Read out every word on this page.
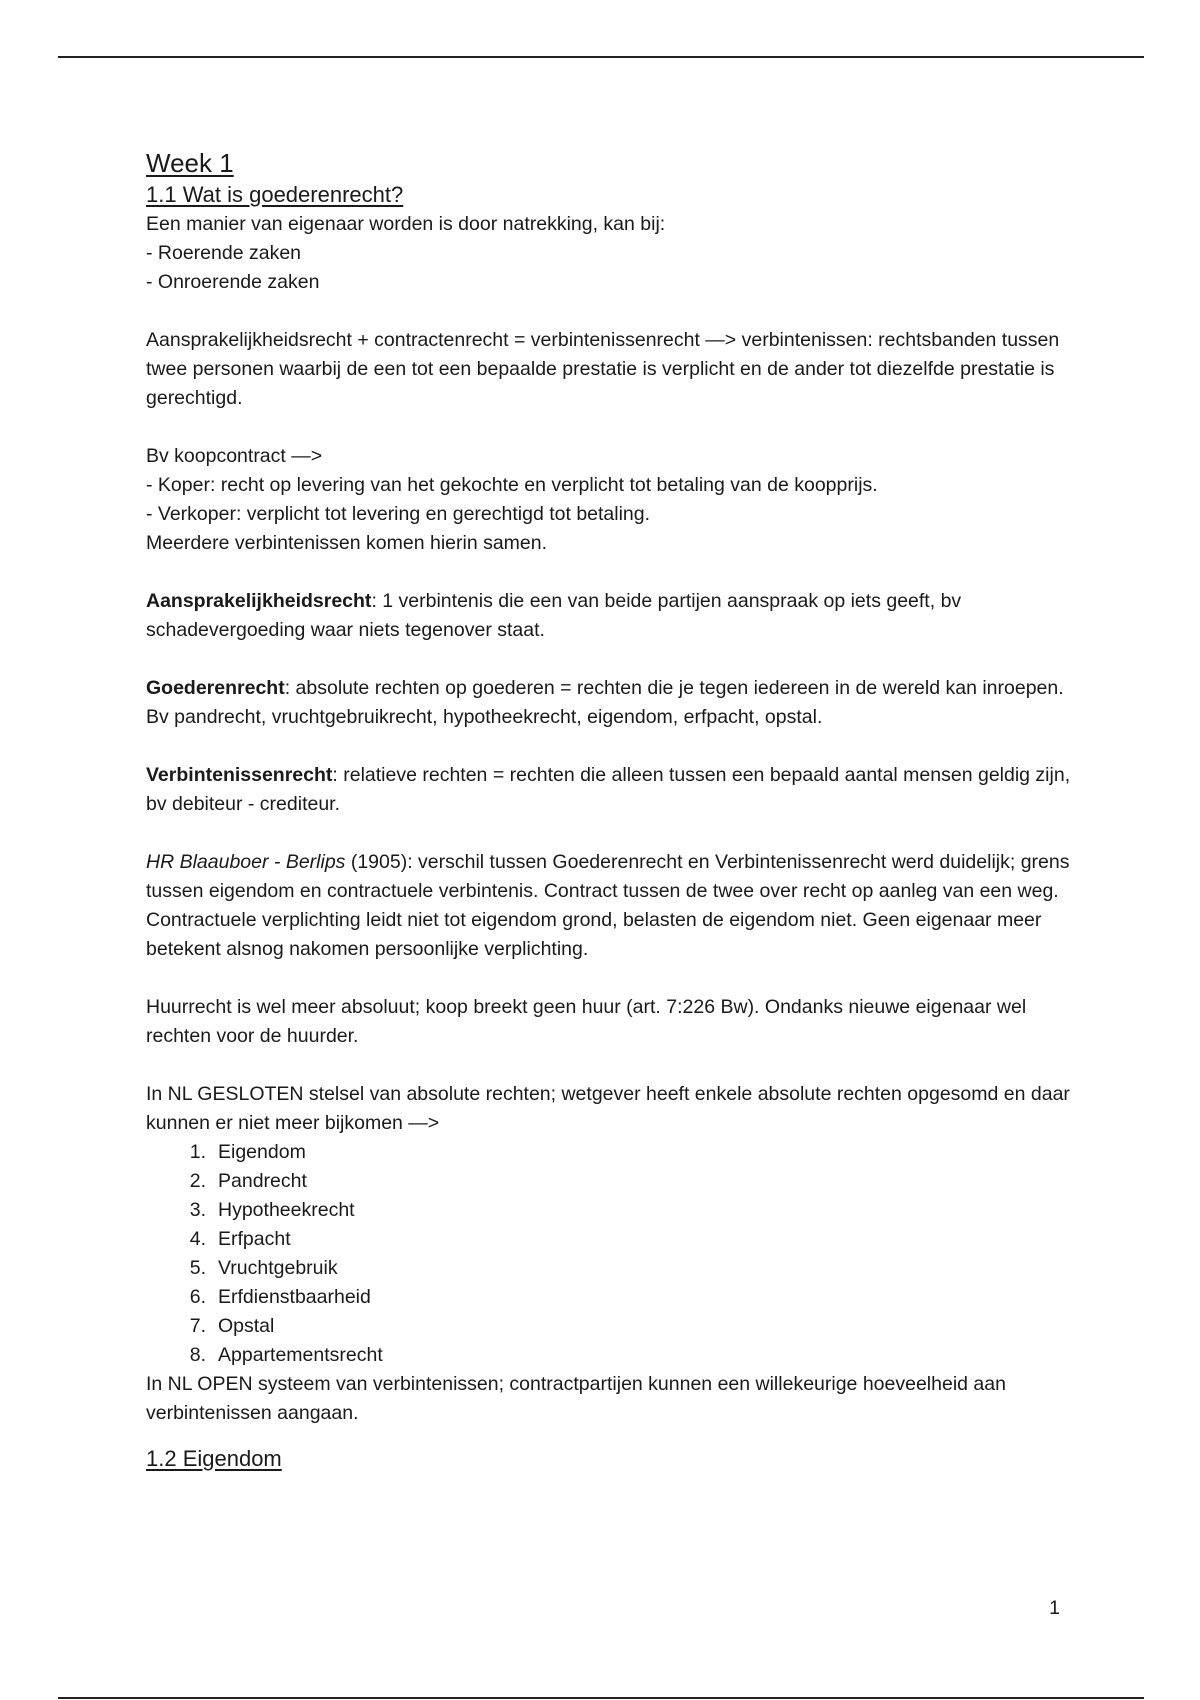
Week 1
1.1 Wat is goederenrecht?

Een manier van eigenaar worden is door natrekking, kan bij:

- Roerende zaken

- Onroerende zaken

Aansprakelijkheidsrecht + contractenrecht = verbintenissenrecht —> verbintenissen: rechtsbanden tussen twee personen waarbij de een tot een bepaalde prestatie is verplicht en de ander tot diezelfde prestatie is gerechtigd.

Bv koopcontract —>

- Koper: recht op levering van het gekochte en verplicht tot betaling van de koopprijs.

- Verkoper: verplicht tot levering en gerechtigd tot betaling.

Meerdere verbintenissen komen hierin samen.

Aansprakelijkheidsrecht: 1 verbintenis die een van beide partijen aanspraak op iets geeft, bv schadevergoeding waar niets tegenover staat.

Goederenrecht: absolute rechten op goederen = rechten die je tegen iedereen in de wereld kan inroepen. Bv pandrecht, vruchtgebruikrecht, hypotheekrecht, eigendom, erfpacht, opstal.

Verbintenissenrecht: relatieve rechten = rechten die alleen tussen een bepaald aantal mensen geldig zijn, bv debiteur - crediteur.

HR Blaauboer - Berlips (1905): verschil tussen Goederenrecht en Verbintenissenrecht werd duidelijk; grens tussen eigendom en contractuele verbintenis. Contract tussen de twee over recht op aanleg van een weg. Contractuele verplichting leidt niet tot eigendom grond, belasten de eigendom niet. Geen eigenaar meer betekent alsnog nakomen persoonlijke verplichting.

Huurrecht is wel meer absoluut; koop breekt geen huur (art. 7:226 Bw). Ondanks nieuwe eigenaar wel rechten voor de huurder.

In NL GESLOTEN stelsel van absolute rechten; wetgever heeft enkele absolute rechten opgesomd en daar kunnen er niet meer bijkomen —>

1. Eigendom
2. Pandrecht
3. Hypotheekrecht
4. Erfpacht
5. Vruchtgebruik
6. Erfdienstbaarheid
7. Opstal
8. Appartementsrecht

In NL OPEN systeem van verbintenissen; contractpartijen kunnen een willekeurige hoeveelheid aan verbintenissen aangaan.

1.2 Eigendom
1
